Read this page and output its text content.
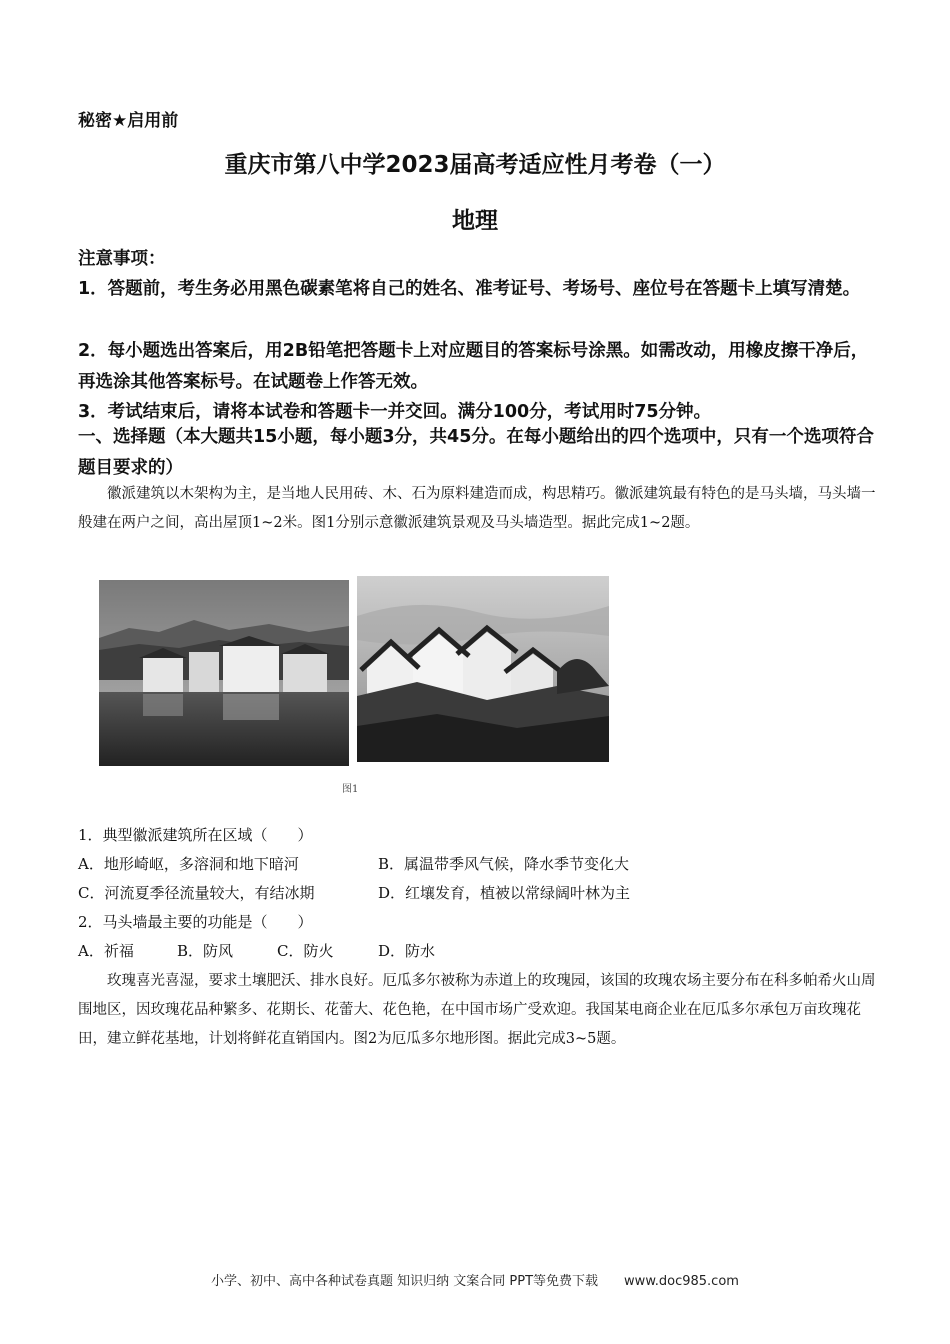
秘密★启用前
重庆市第八中学2023届高考适应性月考卷（一）
地理
注意事项：
1．答题前，考生务必用黑色碳素笔将自己的姓名、准考证号、考场号、座位号在答题卡上填写清楚。
2．每小题选出答案后，用2B铅笔把答题卡上对应题目的答案标号涂黑。如需改动，用橡皮擦干净后，再选涂其他答案标号。在试题卷上作答无效。
3．考试结束后，请将本试卷和答题卡一并交回。满分100分，考试用时75分钟。
一、选择题（本大题共15小题，每小题3分，共45分。在每小题给出的四个选项中，只有一个选项符合题目要求的）
徽派建筑以木架构为主，是当地人民用砖、木、石为原料建造而成，构思精巧。徽派建筑最有特色的是马头墙，马头墙一般建在两户之间，高出屋顶1~2米。图1分别示意徽派建筑景观及马头墙造型。据此完成1~2题。
图1
1．典型徽派建筑所在区域（　　）
A．地形崎岖，多溶洞和地下暗河	B．属温带季风气候，降水季节变化大
C．河流夏季径流量较大，有结冰期	D．红壤发育，植被以常绿阔叶林为主
2．马头墙最主要的功能是（　　）
A．祈福	B．防风	C．防火	D．防水
玫瑰喜光喜湿，要求土壤肥沃、排水良好。厄瓜多尔被称为赤道上的玫瑰园，该国的玫瑰农场主要分布在科多帕希火山周围地区，因玫瑰花品种繁多、花期长、花蕾大、花色艳，在中国市场广受欢迎。我国某电商企业在厄瓜多尔承包万亩玫瑰花田，建立鲜花基地，计划将鲜花直销国内。图2为厄瓜多尔地形图。据此完成3~5题。
小学、初中、高中各种试卷真题 知识归纳 文案合同 PPT等免费下载　　www.doc985.com
